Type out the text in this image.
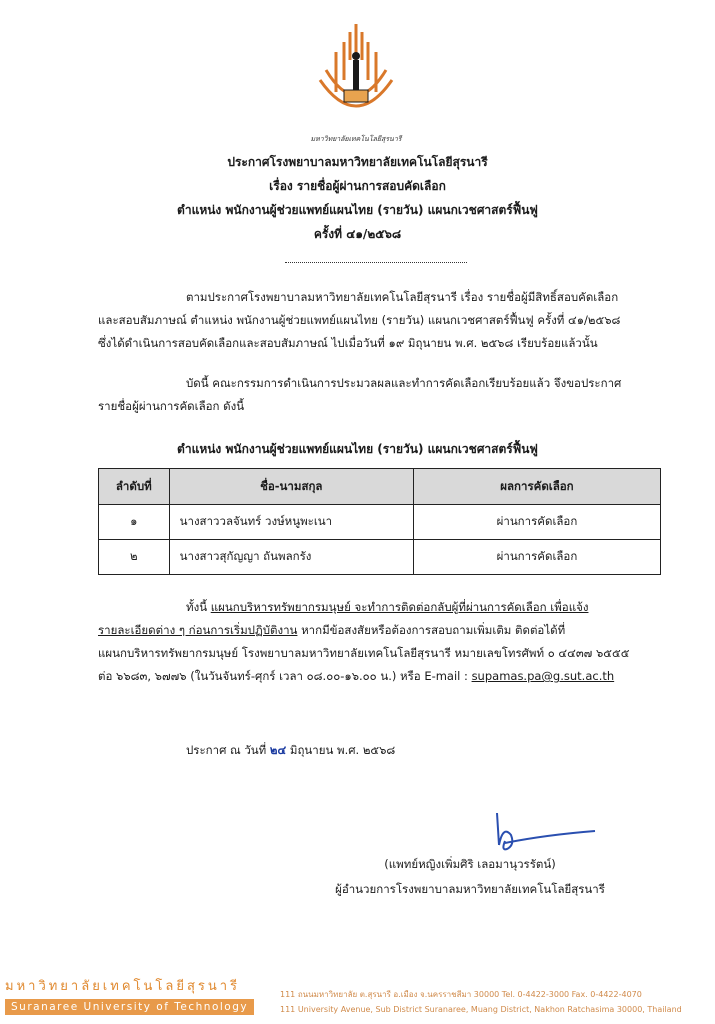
มหาวิทยาลัยเทคโนโลยีสุรนารี
ประกาศโรงพยาบาลมหาวิทยาลัยเทคโนโลยีสุรนารี
เรื่อง รายชื่อผู้ผ่านการสอบคัดเลือก
ตำแหน่ง พนักงานผู้ช่วยแพทย์แผนไทย (รายวัน) แผนกเวชศาสตร์ฟื้นฟู
ครั้งที่ ๔๑/๒๕๖๘
ตามประกาศโรงพยาบาลมหาวิทยาลัยเทคโนโลยีสุรนารี เรื่อง รายชื่อผู้มีสิทธิ์สอบคัดเลือก
และสอบสัมภาษณ์ ตำแหน่ง พนักงานผู้ช่วยแพทย์แผนไทย (รายวัน) แผนกเวชศาสตร์ฟื้นฟู ครั้งที่ ๔๑/๒๕๖๘
ซึ่งได้ดำเนินการสอบคัดเลือกและสอบสัมภาษณ์ ไปเมื่อวันที่ ๑๙ มิถุนายน พ.ศ. ๒๕๖๘ เรียบร้อยแล้วนั้น
บัดนี้ คณะกรรมการดำเนินการประมวลผลและทำการคัดเลือกเรียบร้อยแล้ว จึงขอประกาศ
รายชื่อผู้ผ่านการคัดเลือก ดังนี้
ตำแหน่ง พนักงานผู้ช่วยแพทย์แผนไทย (รายวัน) แผนกเวชศาสตร์ฟื้นฟู
ลำดับที่	ชื่อ-นามสกุล	ผลการคัดเลือก
๑	นางสาววลจันทร์ วงษ์หนูพะเนา	ผ่านการคัดเลือก
๒	นางสาวสุกัญญา ถันพลกรัง	ผ่านการคัดเลือก
ทั้งนี้ แผนกบริหารทรัพยากรมนุษย์ จะทำการติดต่อกลับผู้ที่ผ่านการคัดเลือก เพื่อแจ้ง
รายละเอียดต่าง ๆ ก่อนการเริ่มปฏิบัติงาน หากมีข้อสงสัยหรือต้องการสอบถามเพิ่มเติม ติดต่อได้ที่
แผนกบริหารทรัพยากรมนุษย์ โรงพยาบาลมหาวิทยาลัยเทคโนโลยีสุรนารี หมายเลขโทรศัพท์ ๐ ๔๔๓๗ ๖๕๕๕
ต่อ ๖๖๘๓, ๖๗๗๖ (ในวันจันทร์-ศุกร์ เวลา ๐๘.๐๐-๑๖.๐๐ น.) หรือ E-mail : supamas.pa@g.sut.ac.th
ประกาศ ณ วันที่ ๒๔ มิถุนายน พ.ศ. ๒๕๖๘
(แพทย์หญิงเพิ่มศิริ เลอมานุวรรัตน์)
ผู้อำนวยการโรงพยาบาลมหาวิทยาลัยเทคโนโลยีสุรนารี
มหาวิทยาลัยเทคโนโลยีสุรนารี
Suranaree University of Technology
111 ถนนมหาวิทยาลัย ต.สุรนารี อ.เมือง จ.นครราชสีมา 30000 Tel. 0-4422-3000 Fax. 0-4422-4070
111 University Avenue, Sub District Suranaree, Muang District, Nakhon Ratchasima 30000, Thailand
